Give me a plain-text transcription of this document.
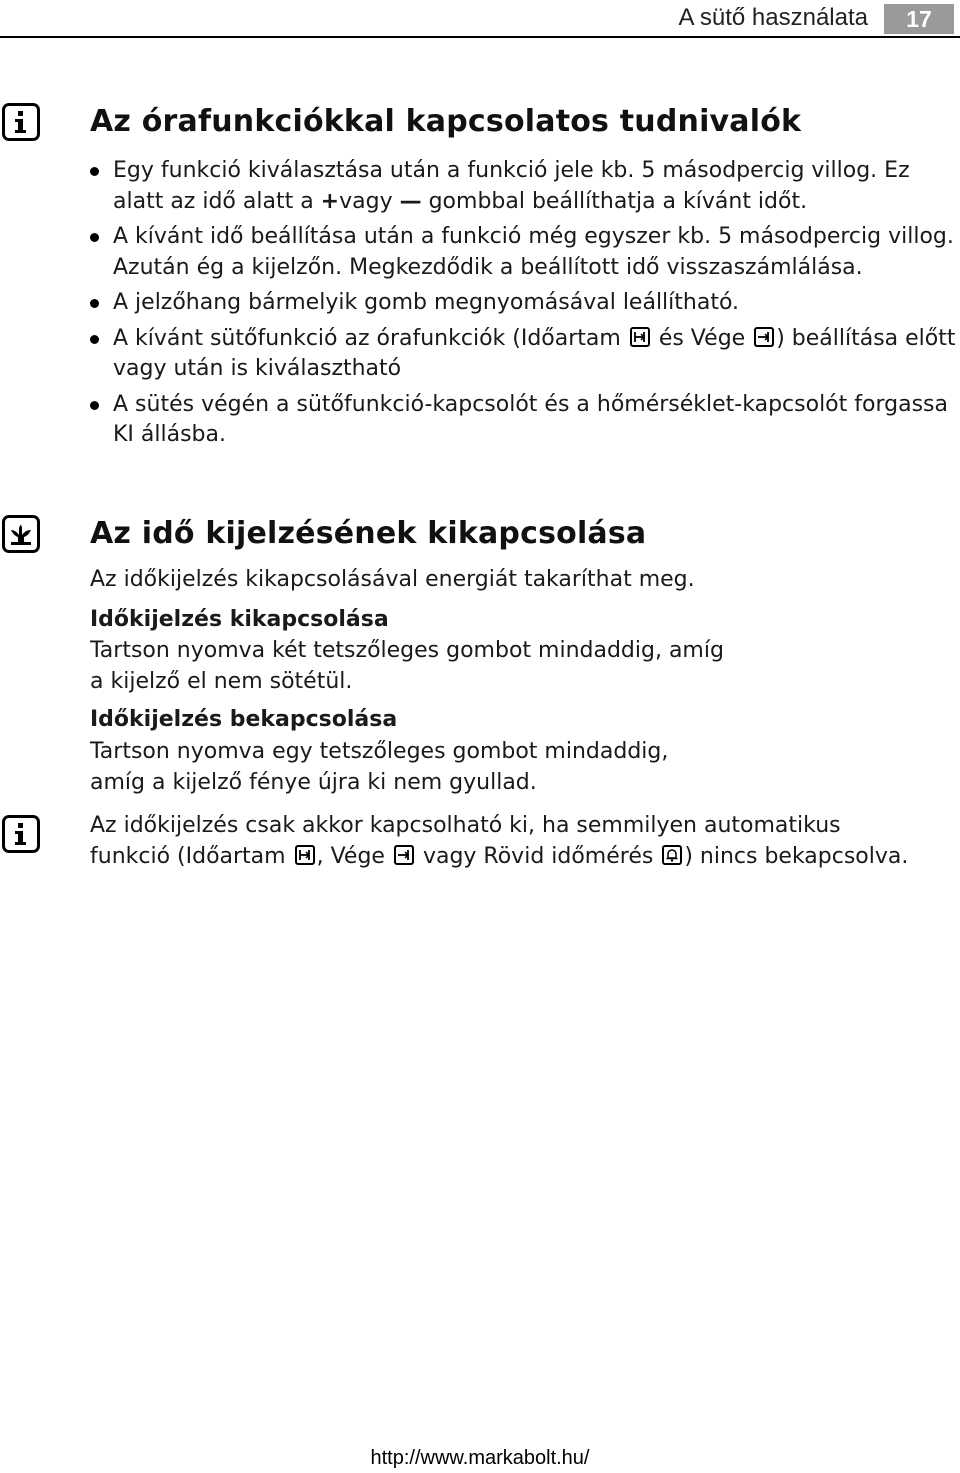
A sütő használata	17
Az órafunkciókkal kapcsolatos tudnivalók
Egy funkció kiválasztása után a funkció jele kb. 5 másodpercig villog. Ez alatt az idő alatt a +vagy — gombbal beállíthatja a kívánt időt.
A kívánt idő beállítása után a funkció még egyszer kb. 5 másodpercig villog. Azután ég a kijelzőn. Megkezdődik a beállított idő visszaszámlálása.
A jelzőhang bármelyik gomb megnyomásával leállítható.
A kívánt sütőfunkció az órafunkciók (Időartam
és Vége
) beállítása előtt vagy után is kiválasztható
A sütés végén a sütőfunkció-kapcsolót és a hőmérséklet-kapcsolót forgassa KI állásba.
Az idő kijelzésének kikapcsolása

Az időkijelzés kikapcsolásával energiát takaríthat meg.

Időkijelzés kikapcsolása

Tartson nyomva két tetszőleges gombot mindaddig, amíg a kijelző el nem sötétül.

Időkijelzés bekapcsolása

Tartson nyomva egy tetszőleges gombot mindaddig, amíg a kijelző fénye újra ki nem gyullad.

Az időkijelzés csak akkor kapcsolható ki, ha semmilyen automatikus funkció (Időartam
, Vége
vagy Rövid időmérés
) nincs bekapcsolva.

http://www.markabolt.hu/
